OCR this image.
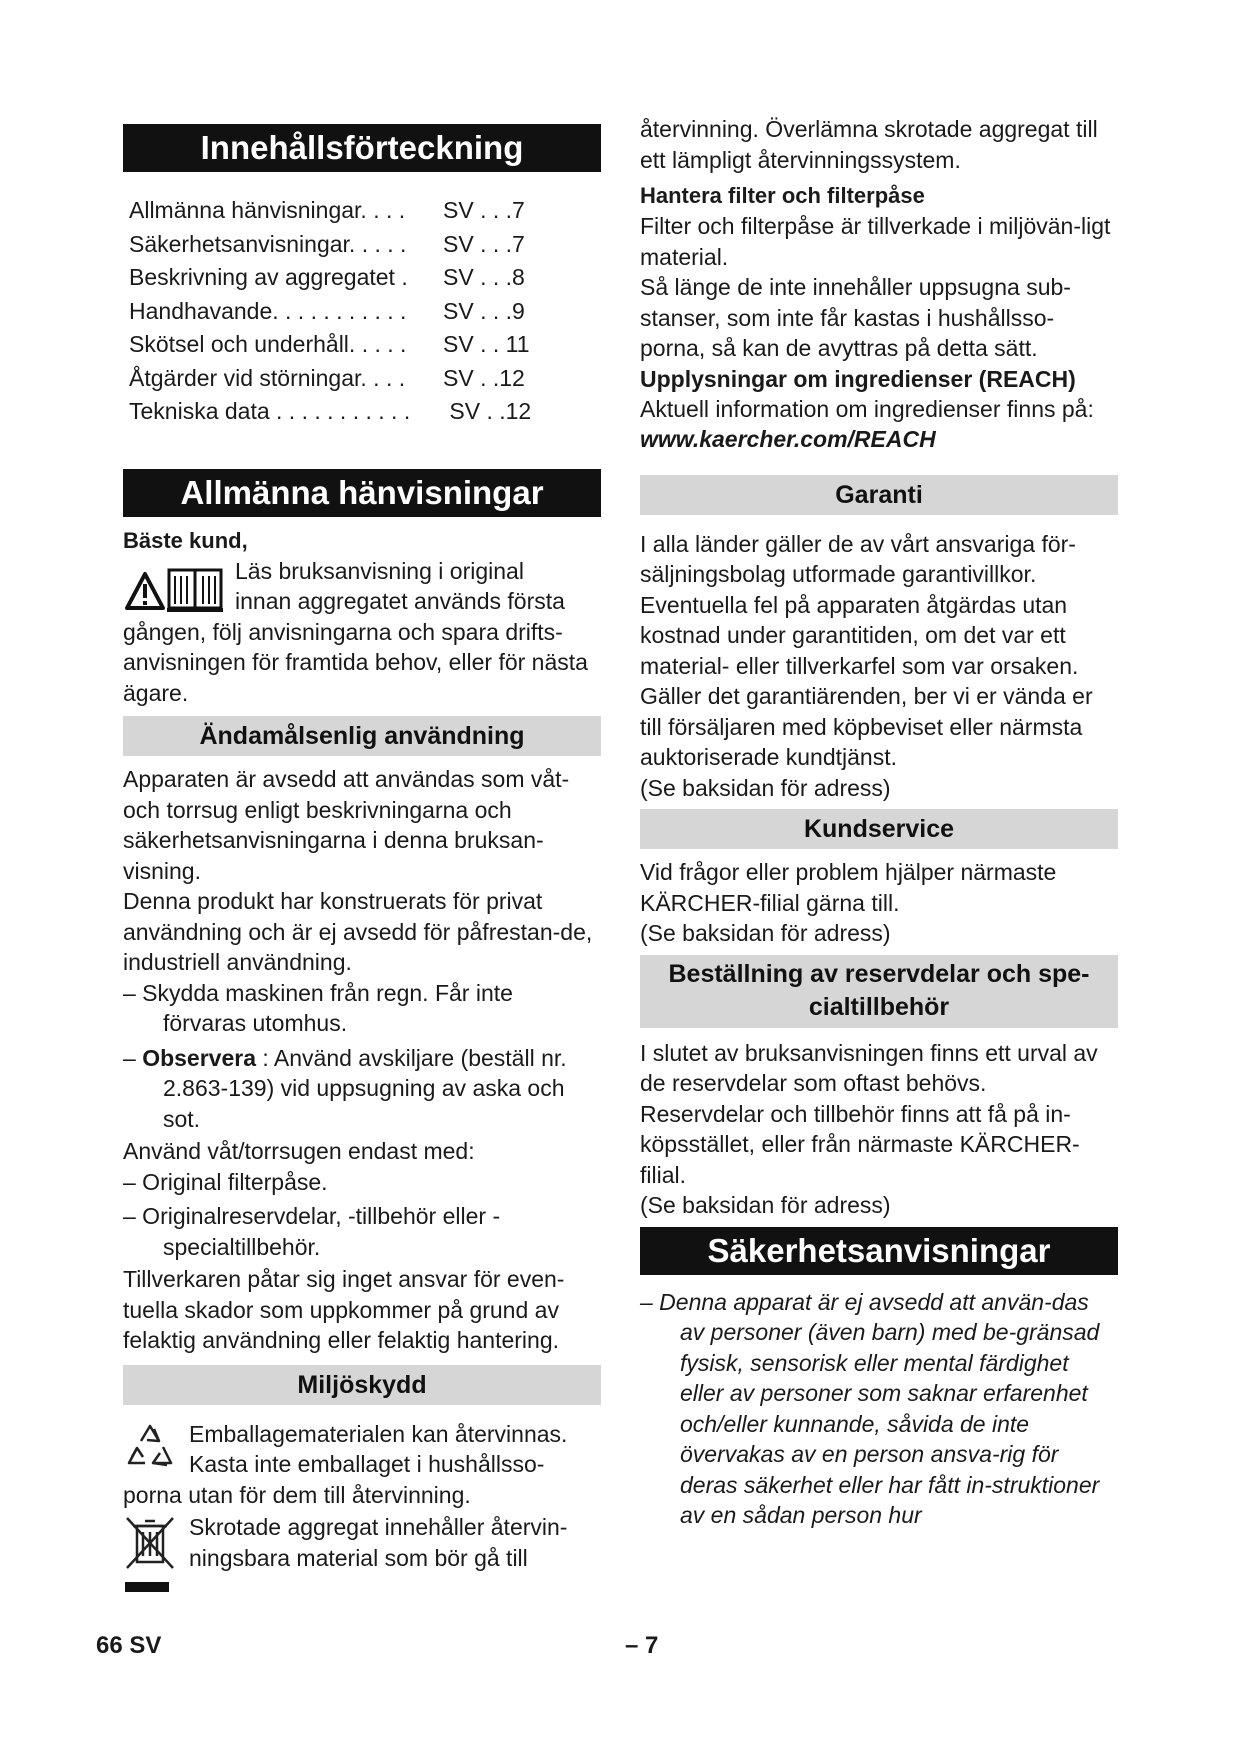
Innehållsförteckning
Allmänna hänvisningar. . . .	SV . . .7
Säkerhetsanvisningar. . . . .	SV . . .7
Beskrivning av aggregatet .	SV . . .8
Handhavande. . . . . . . . . . .	SV . . .9
Skötsel och underhåll. . . . .	SV . . 11
Åtgärder vid störningar. . . .	SV . .12
Tekniska data . . . . . . . . . . .	SV . .12
Allmänna hänvisningar

Bäste kund,

Läs bruksanvisning i original

innan aggregatet används första

gången, följ anvisningarna och spara drifts-anvisningen för framtida behov, eller för nästa ägare.

Ändamålsenlig användning

Apparaten är avsedd att användas som våt- och torrsug enligt beskrivningarna och säkerhetsanvisningarna i denna bruksan-visning.

Denna produkt har konstruerats för privat användning och är ej avsedd för påfrestan-de, industriell användning.

– Skydda maskinen från regn. Får inte förvaras utomhus.

– Observera : Använd avskiljare (beställ nr. 2.863-139) vid uppsugning av aska och sot.

Använd våt/torrsugen endast med:

– Original filterpåse.

– Originalreservdelar, -tillbehör eller -specialtillbehör.

Tillverkaren påtar sig inget ansvar för even-tuella skador som uppkommer på grund av felaktig användning eller felaktig hantering.

Miljöskydd

Emballagematerialen kan återvinnas. Kasta inte emballaget i hushållsso-porna utan för dem till återvinning.

Skrotade aggregat innehåller återvin-ningsbara material som bör gå till

återvinning. Överlämna skrotade aggregat till ett lämpligt återvinningssystem.

Hantera filter och filterpåse

Filter och filterpåse är tillverkade i miljövän-ligt material.

Så länge de inte innehåller uppsugna sub-stanser, som inte får kastas i hushållsso-porna, så kan de avyttras på detta sätt.

Upplysningar om ingredienser (REACH)

Aktuell information om ingredienser finns på:

www.kaercher.com/REACH

Garanti

I alla länder gäller de av vårt ansvariga för-säljningsbolag utformade garantivillkor. Eventuella fel på apparaten åtgärdas utan kostnad under garantitiden, om det var ett material- eller tillverkarfel som var orsaken. Gäller det garantiärenden, ber vi er vända er till försäljaren med köpbeviset eller närmsta auktoriserade kundtjänst.

(Se baksidan för adress)

Kundservice

Vid frågor eller problem hjälper närmaste KÄRCHER-filial gärna till.

(Se baksidan för adress)

Beställning av reservdelar och spe-cialtillbehör

I slutet av bruksanvisningen finns ett urval av de reservdelar som oftast behövs.

Reservdelar och tillbehör finns att få på in-köpsstället, eller från närmaste KÄRCHER-filial.

(Se baksidan för adress)

Säkerhetsanvisningar

– Denna apparat är ej avsedd att använ-das av personer (även barn) med be-gränsad fysisk, sensorisk eller mental färdighet eller av personer som saknar erfarenhet och/eller kunnande, såvida de inte övervakas av en person ansva-rig för deras säkerhet eller har fått in-struktioner av en sådan person hur

66 SV	– 7
